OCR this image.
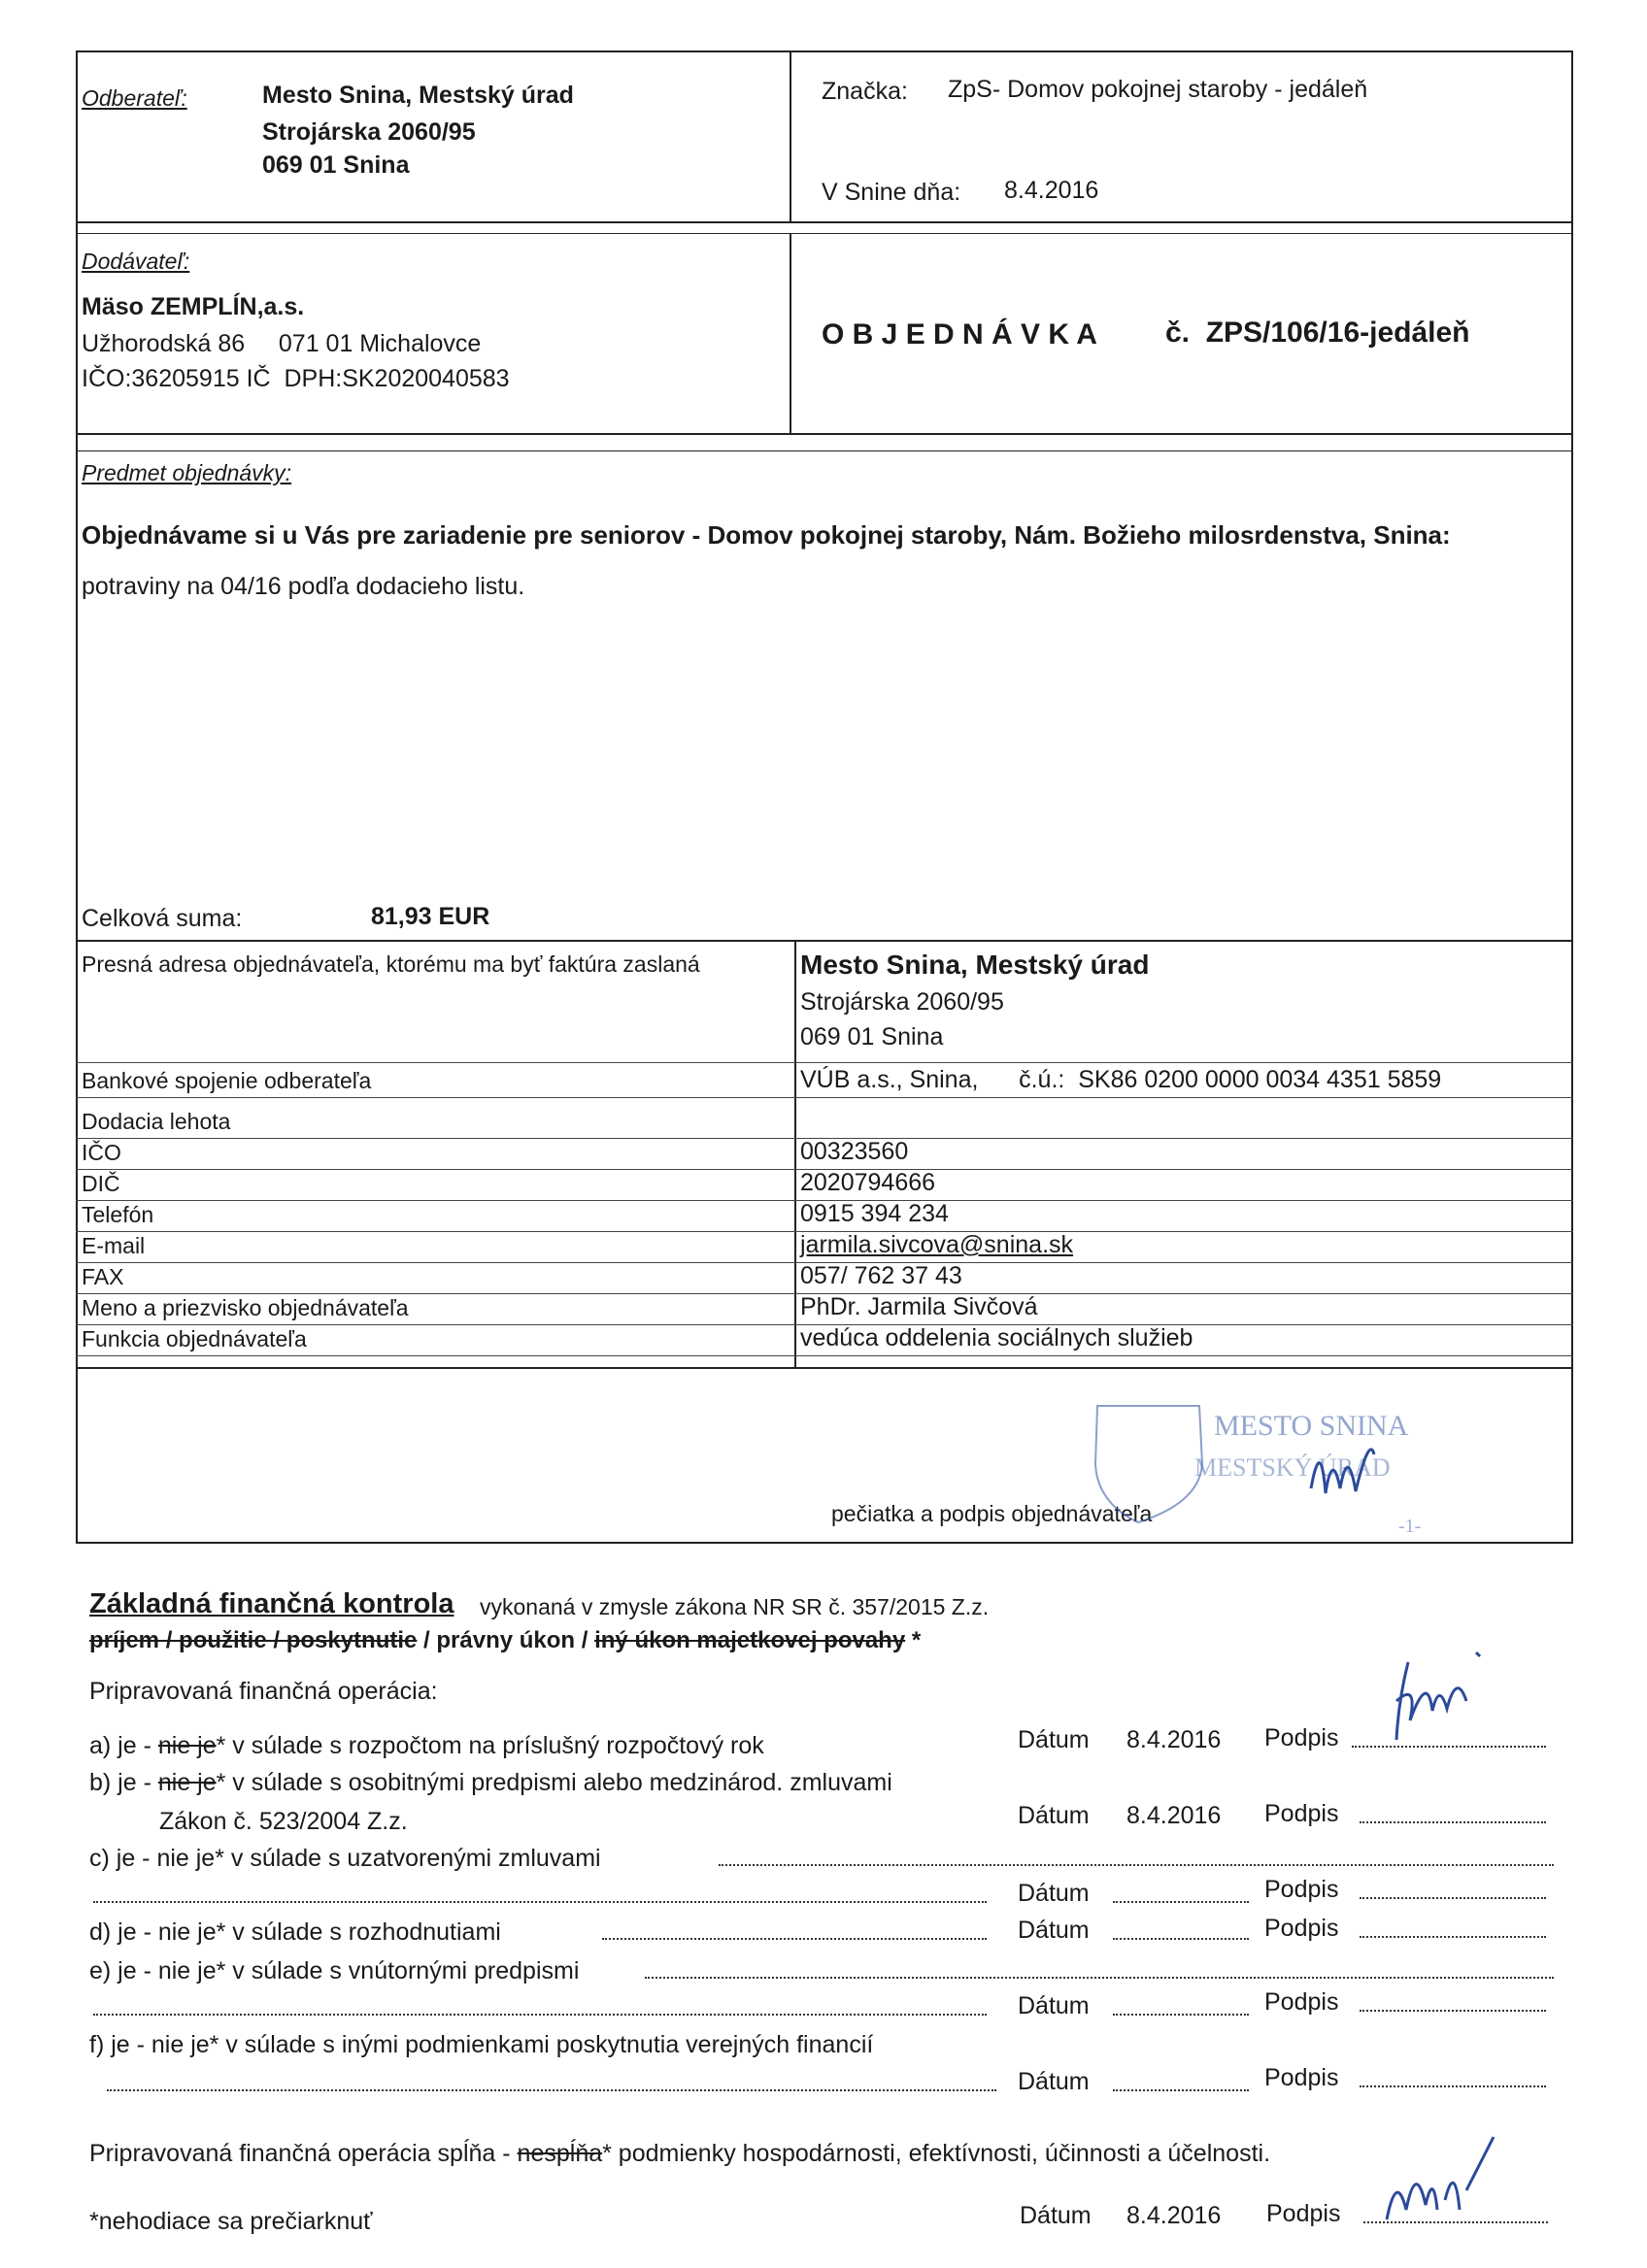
Odberateľ:	Mesto Snina, Mestský úrad
Strojárska 2060/95
069 01 Snina
Značka: ZpS- Domov pokojnej staroby - jedáleň
V Snine dňa: 8.4.2016
Dodávateľ:
Mäso ZEMPLÍN,a.s.
Užhorodská 86     071 01 Michalovce
IČO:36205915 IČ  DPH:SK2020040583
O B J E D N Á V K A č.  ZPS/106/16-jedáleň
Predmet objednávky:
Objednávame si u Vás pre zariadenie pre seniorov - Domov pokojnej staroby, Nám. Božieho milosrdenstva, Snina:
potraviny na 04/16 podľa dodacieho listu.
Celková suma:	81,93 EUR
Presná adresa objednávateľa, ktorému ma byť faktúra zaslaná	Mesto Snina, Mestský úrad
Strojárska 2060/95
069 01 Snina
Bankové spojenie odberateľa	VÚB a.s., Snina,      č.ú.:  SK86 0200 0000 0034 4351 5859
Dodacia lehota
IČO	00323560
DIČ	2020794666
Telefón	0915 394 234
E-mail	jarmila.sivcova@snina.sk
FAX	057/ 762 37 43
Meno a priezvisko objednávateľa	PhDr. Jarmila Sivčová
Funkcia objednávateľa	vedúca oddelenia sociálnych služieb
pečiatka a podpis objednávateľa
MESTO SNINA
MESTSKÝ ÚRAD
-1-
Základná finančná kontrola vykonaná v zmysle zákona NR SR č. 357/2015 Z.z.
príjem / použitie / poskytnutie / právny úkon / iný úkon majetkovej povahy *
Pripravovaná finančná operácia:
a) je - nie je* v súlade s rozpočtom na príslušný rozpočtový rok	Dátum 8.4.2016 Podpis
b) je - nie je* v súlade s osobitnými predpismi alebo medzinárod. zmluvami
Zákon č. 523/2004 Z.z.	Dátum 8.4.2016 Podpis
c) je - nie je* v súlade s uzatvorenými zmluvami
Dátum	Podpis
d) je - nie je* v súlade s rozhodnutiami	Dátum	Podpis
e) je - nie je* v súlade s vnútornými predpismi
Dátum	Podpis
f) je - nie je* v súlade s inými podmienkami poskytnutia verejných financií
Dátum	Podpis
Pripravovaná finančná operácia spĺňa - nespĺňa* podmienky hospodárnosti, efektívnosti, účinnosti a účelnosti.
*nehodiace sa prečiarknuť	Dátum 8.4.2016 Podpis
